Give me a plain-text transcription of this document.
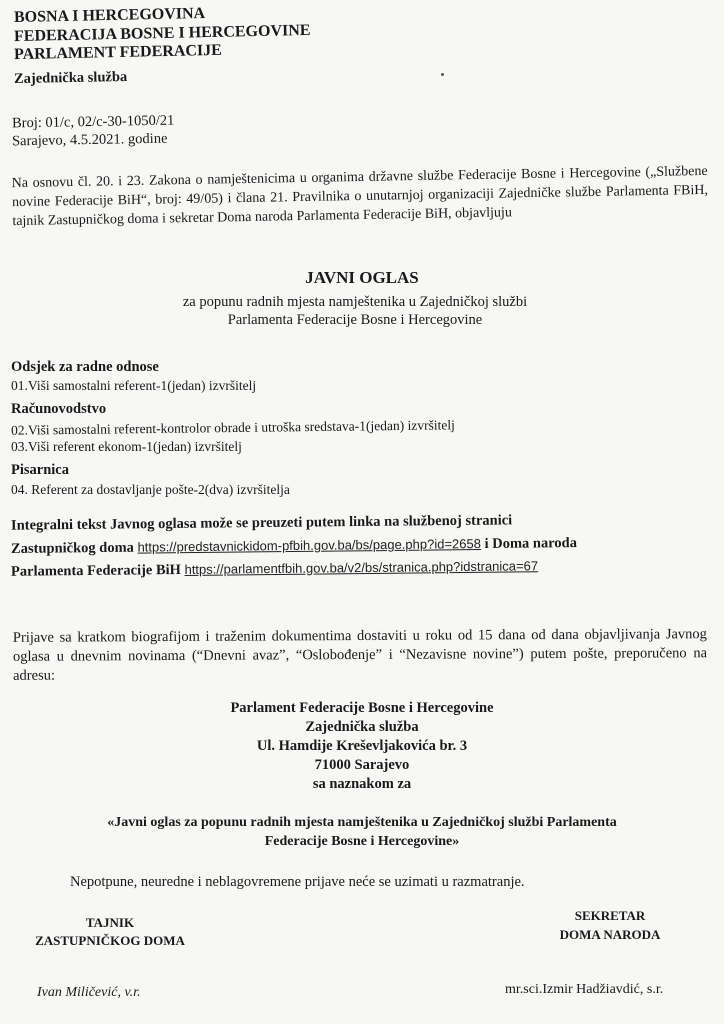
BOSNA I HERCEGOVINA
FEDERACIJA BOSNE I HERCEGOVINE
PARLAMENT FEDERACIJE
Zajednička služba
Broj: 01/c, 02/c-30-1050/21
Sarajevo, 4.5.2021. godine
Na osnovu čl. 20. i 23. Zakona o namještenicima u organima državne službe Federacije Bosne i Hercegovine („Službene novine Federacije BiH“, broj: 49/05) i člana 21. Pravilnika o unutarnjoj organizaciji Zajedničke službe Parlamenta FBiH, tajnik Zastupničkog doma i sekretar Doma naroda Parlamenta Federacije BiH, objavljuju
JAVNI OGLAS
za popunu radnih mjesta namještenika u Zajedničkoj službi
Parlamenta Federacije Bosne i Hercegovine
Odsjek za radne odnose
01.Viši samostalni referent-1(jedan) izvršitelj
Računovodstvo
02.Viši samostalni referent-kontrolor obrade i utroška sredstava-1(jedan) izvršitelj
03.Viši referent ekonom-1(jedan) izvršitelj
Pisarnica
04. Referent za dostavljanje pošte-2(dva) izvršitelja
Integralni tekst Javnog oglasa može se preuzeti putem linka na službenoj stranici
Zastupničkog doma https://predstavnickidom-pfbih.gov.ba/bs/page.php?id=2658 i Doma naroda
Parlamenta Federacije BiH https://parlamentfbih.gov.ba/v2/bs/stranica.php?idstranica=67
Prijave sa kratkom biografijom i traženim dokumentima dostaviti u roku od 15 dana od dana objavljivanja Javnog oglasa u dnevnim novinama (“Dnevni avaz”, “Oslobođenje” i “Nezavisne novine”) putem pošte, preporučeno na adresu:
Parlament Federacije Bosne i Hercegovine
Zajednička služba
Ul. Hamdije Kreševljakovića br. 3
71000 Sarajevo
sa naznakom za
«Javni oglas za popunu radnih mjesta namještenika u Zajedničkoj službi Parlamenta
Federacije Bosne i Hercegovine»
Nepotpune, neuredne i neblagovremene prijave neće se uzimati u razmatranje.
TAJNIK
ZASTUPNIČKOG DOMA
Ivan Miličević, v.r.
SEKRETAR
DOMA NARODA
mr.sci.Izmir Hadžiavdić, s.r.
